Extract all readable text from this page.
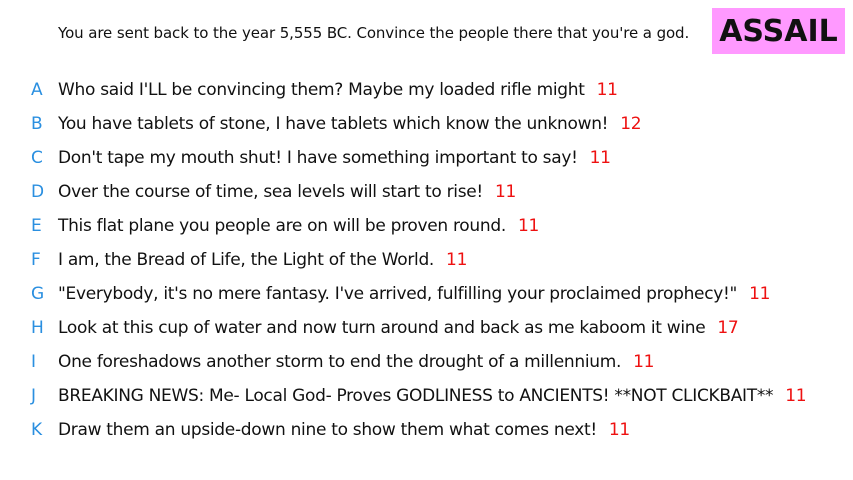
You are sent back to the year 5,555 BC. Convince the people there that you're a god. ASSAIL
A Who said I'LL be convincing them? Maybe my loaded rifle might 11
B You have tablets of stone, I have tablets which know the unknown! 12
C Don't tape my mouth shut! I have something important to say! 11
D Over the course of time, sea levels will start to rise! 11
E This flat plane you people are on will be proven round. 11
F	I am, the Bread of Life, the Light of the World. 11
G "Everybody, it's no mere fantasy. I've arrived, fulfilling your proclaimed prophecy!" 11
H Look at this cup of water and now turn around and back as me kaboom it wine 17
I	One foreshadows another storm to end the drought of a millennium. 11
J	BREAKING NEWS: Me- Local God- Proves GODLINESS to ANCIENTS! **NOT CLICKBAIT** 11
K Draw them an upside-down nine to show them what comes next! 11
